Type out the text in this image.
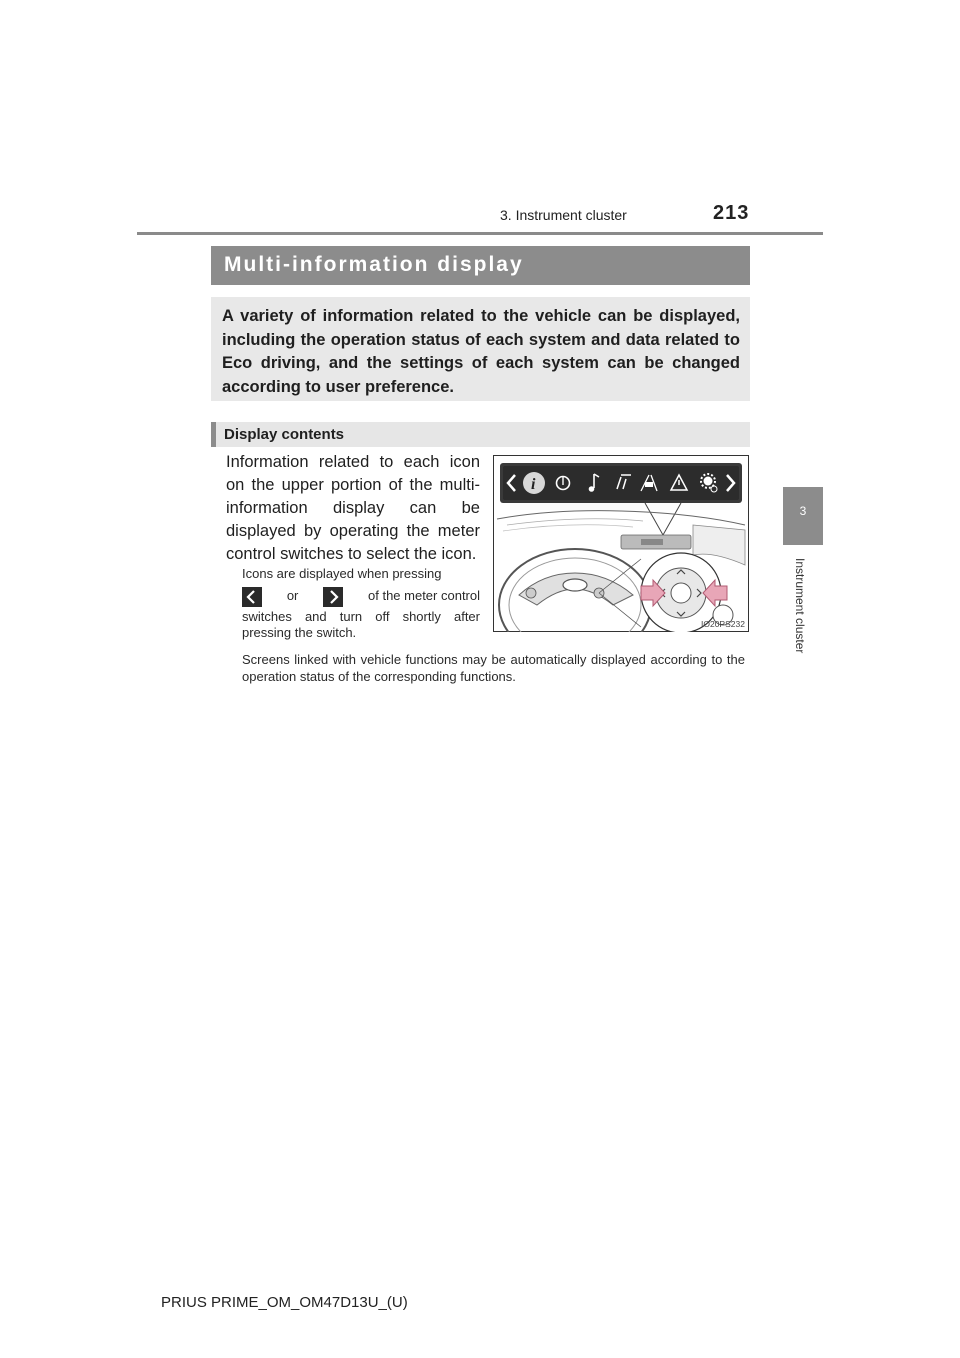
3. Instrument cluster	213
3
Instrument cluster
Multi-information display
A variety of information related to the vehicle can be displayed, including the operation status of each system and data related to Eco driving, and the settings of each system can be changed according to user preference.
Display contents
Information related to each icon on the upper portion of the multi-information display can be displayed by operating the meter control switches to select the icon.
Icons are displayed when pressing
or	of the meter control
switches and turn off shortly after pressing the switch.
Screens linked with vehicle functions may be automatically displayed according to the operation status of the corresponding functions.
i
IO20PS232
PRIUS PRIME_OM_OM47D13U_(U)
